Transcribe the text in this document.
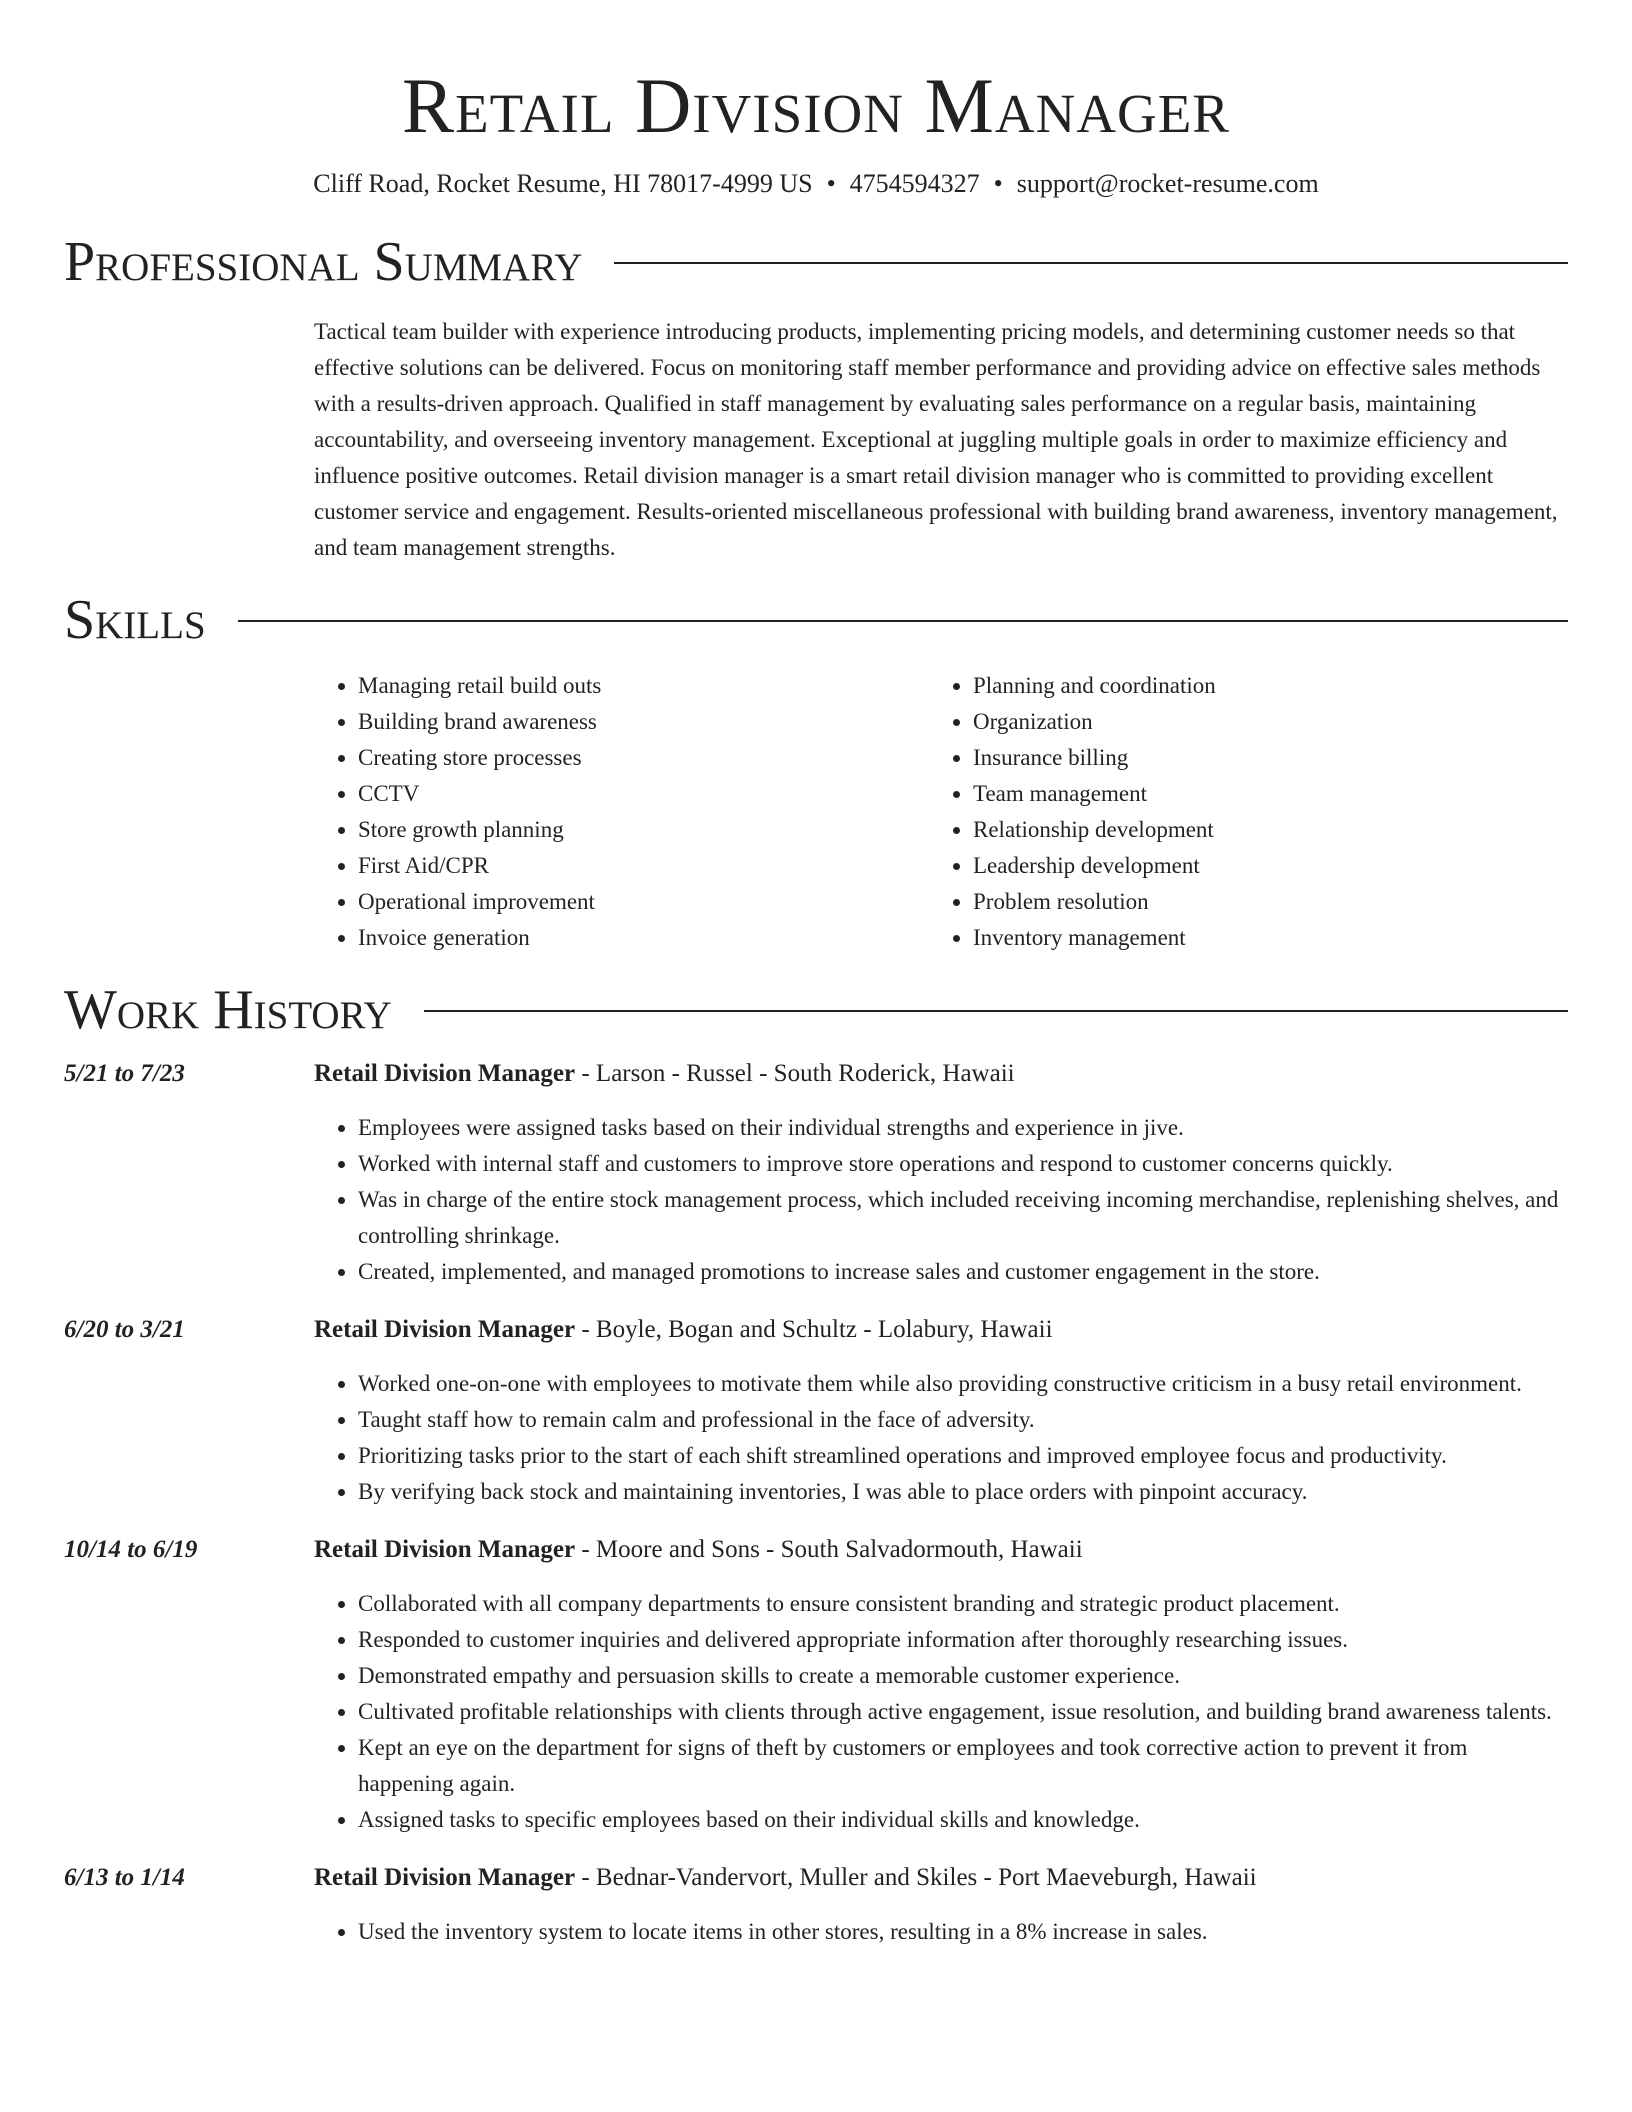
Retail Division Manager
Cliff Road, Rocket Resume, HI 78017-4999 US • 4754594327 • support@rocket-resume.com
Professional Summary
Tactical team builder with experience introducing products, implementing pricing models, and determining customer needs so that effective solutions can be delivered. Focus on monitoring staff member performance and providing advice on effective sales methods with a results-driven approach. Qualified in staff management by evaluating sales performance on a regular basis, maintaining accountability, and overseeing inventory management. Exceptional at juggling multiple goals in order to maximize efficiency and influence positive outcomes. Retail division manager is a smart retail division manager who is committed to providing excellent customer service and engagement. Results-oriented miscellaneous professional with building brand awareness, inventory management, and team management strengths.
Skills
• Managing retail build outs
• Building brand awareness
• Creating store processes
• CCTV
• Store growth planning
• First Aid/CPR
• Operational improvement
• Invoice generation
• Planning and coordination
• Organization
• Insurance billing
• Team management
• Relationship development
• Leadership development
• Problem resolution
• Inventory management
Work History
5/21 to 7/23	Retail Division Manager - Larson - Russel - South Roderick, Hawaii
• Employees were assigned tasks based on their individual strengths and experience in jive.
• Worked with internal staff and customers to improve store operations and respond to customer concerns quickly.
• Was in charge of the entire stock management process, which included receiving incoming merchandise, replenishing shelves, and controlling shrinkage.
• Created, implemented, and managed promotions to increase sales and customer engagement in the store.
6/20 to 3/21	Retail Division Manager - Boyle, Bogan and Schultz - Lolabury, Hawaii
• Worked one-on-one with employees to motivate them while also providing constructive criticism in a busy retail environment.
• Taught staff how to remain calm and professional in the face of adversity.
• Prioritizing tasks prior to the start of each shift streamlined operations and improved employee focus and productivity.
• By verifying back stock and maintaining inventories, I was able to place orders with pinpoint accuracy.
10/14 to 6/19	Retail Division Manager - Moore and Sons - South Salvadormouth, Hawaii
• Collaborated with all company departments to ensure consistent branding and strategic product placement.
• Responded to customer inquiries and delivered appropriate information after thoroughly researching issues.
• Demonstrated empathy and persuasion skills to create a memorable customer experience.
• Cultivated profitable relationships with clients through active engagement, issue resolution, and building brand awareness talents.
• Kept an eye on the department for signs of theft by customers or employees and took corrective action to prevent it from happening again.
• Assigned tasks to specific employees based on their individual skills and knowledge.
6/13 to 1/14	Retail Division Manager - Bednar-Vandervort, Muller and Skiles - Port Maeveburgh, Hawaii
• Used the inventory system to locate items in other stores, resulting in a 8% increase in sales.
